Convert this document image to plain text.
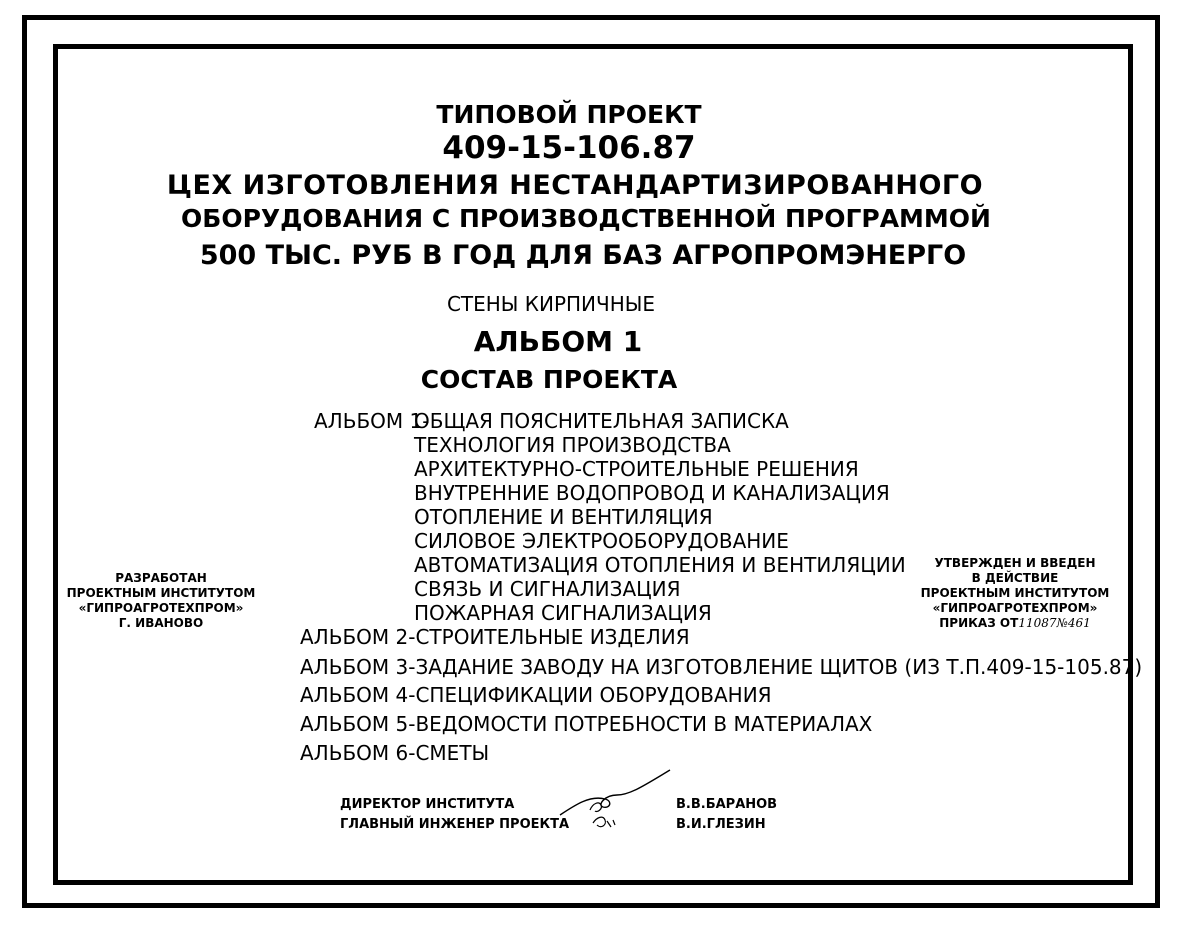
ТИПОВОЙ ПРОЕКТ
409-15-106.87
ЦЕХ ИЗГОТОВЛЕНИЯ НЕСТАНДАРТИЗИРОВАННОГО
ОБОРУДОВАНИЯ С ПРОИЗВОДСТВЕННОЙ ПРОГРАММОЙ
500 ТЫС. РУБ В ГОД ДЛЯ БАЗ АГРОПРОМЭНЕРГО
СТЕНЫ КИРПИЧНЫЕ
АЛЬБОМ 1
СОСТАВ ПРОЕКТА
АЛЬБОМ 1-
ОБЩАЯ ПОЯСНИТЕЛЬНАЯ ЗАПИСКА
ТЕХНОЛОГИЯ ПРОИЗВОДСТВА
АРХИТЕКТУРНО-СТРОИТЕЛЬНЫЕ РЕШЕНИЯ
ВНУТРЕННИЕ ВОДОПРОВОД И КАНАЛИЗАЦИЯ
ОТОПЛЕНИЕ И ВЕНТИЛЯЦИЯ
СИЛОВОЕ ЭЛЕКТРООБОРУДОВАНИЕ
АВТОМАТИЗАЦИЯ ОТОПЛЕНИЯ И ВЕНТИЛЯЦИИ
СВЯЗЬ И СИГНАЛИЗАЦИЯ
ПОЖАРНАЯ СИГНАЛИЗАЦИЯ
АЛЬБОМ 2-СТРОИТЕЛЬНЫЕ ИЗДЕЛИЯ
АЛЬБОМ 3-ЗАДАНИЕ ЗАВОДУ НА ИЗГОТОВЛЕНИЕ ЩИТОВ (ИЗ Т.П.409-15-105.87)
АЛЬБОМ 4-СПЕЦИФИКАЦИИ ОБОРУДОВАНИЯ
АЛЬБОМ 5-ВЕДОМОСТИ ПОТРЕБНОСТИ В МАТЕРИАЛАХ
АЛЬБОМ 6-СМЕТЫ
РАЗРАБОТАН
ПРОЕКТНЫМ ИНСТИТУТОМ
«ГИПРОАГРОТЕХПРОМ»
Г. ИВАНОВО
УТВЕРЖДЕН И ВВЕДЕН
В ДЕЙСТВИЕ
ПРОЕКТНЫМ ИНСТИТУТОМ
«ГИПРОАГРОТЕХПРОМ»
ПРИКАЗ ОТ11087№461
ДИРЕКТОР ИНСТИТУТА
ГЛАВНЫЙ ИНЖЕНЕР ПРОЕКТА
В.В.БАРАНОВ
В.И.ГЛЕЗИН
